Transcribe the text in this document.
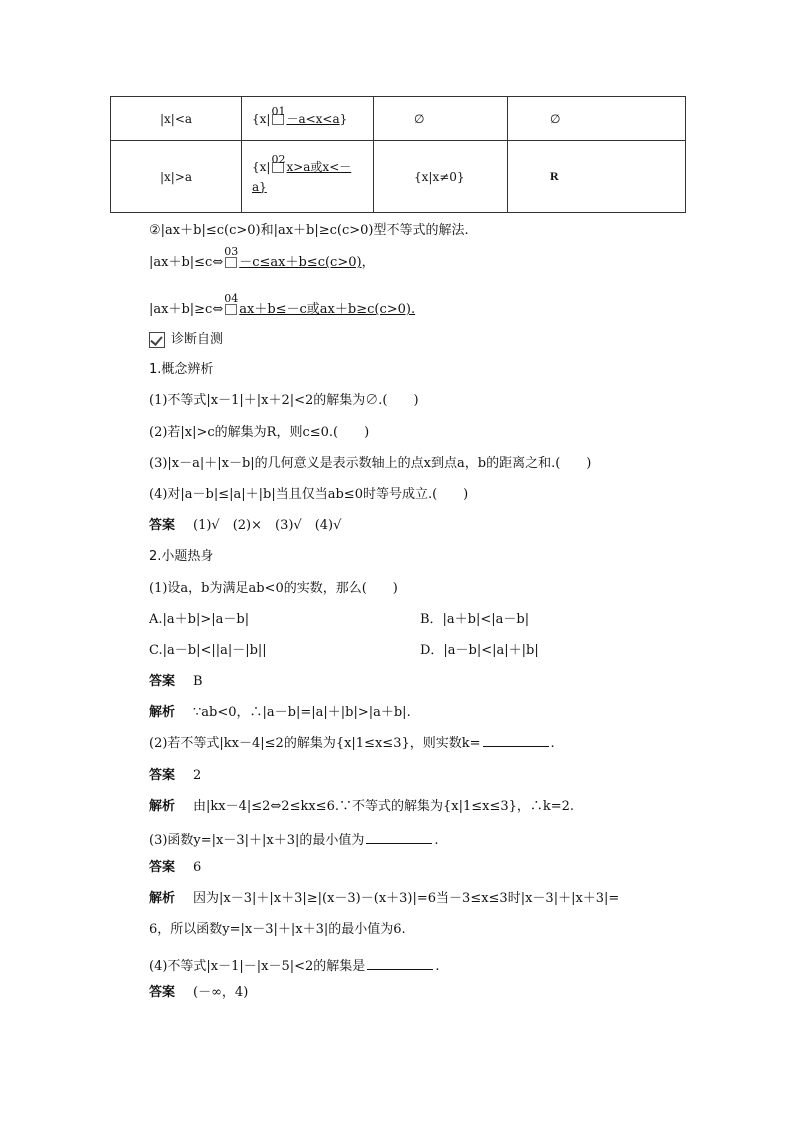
|x|<a	{x|
01
－a<x<a}	∅	∅
|x|>a	{x|
02
x>a或x<－
a}	{x|x≠0}	R
②|ax＋b|≤c(c>0)和|ax＋b|≥c(c>0)型不等式的解法.
|ax＋b|≤c⇔
03
－c≤ax＋b≤c(c>0)，
|ax＋b|≥c⇔
04
ax＋b≤－c或ax＋b≥c(c>0).
诊断自测
1.概念辨析
(1)不等式|x－1|＋|x＋2|<2的解集为∅.(　　)
(2)若|x|>c的解集为R，则c≤0.(　　)
(3)|x－a|＋|x－b|的几何意义是表示数轴上的点x到点a，b的距离之和.(　　)
(4)对|a－b|≤|a|＋|b|当且仅当ab≤0时等号成立.(　　)
答案 (1)√　(2)×　(3)√　(4)√
2.小题热身
(1)设a，b为满足ab<0的实数，那么(　　)
A.|a＋b|>|a－b|	B．|a＋b|<|a－b|
C.|a－b|<||a|－|b||	D．|a－b|<|a|＋|b|
答案 B
解析 ∵ab<0，∴|a－b|=|a|＋|b|>|a＋b|.
(2)若不等式|kx－4|≤2的解集为{x|1≤x≤3}，则实数k=	.
答案 2
解析 由|kx－4|≤2⇔2≤kx≤6.∵不等式的解集为{x|1≤x≤3}，∴k=2.
(3)函数y=|x－3|＋|x＋3|的最小值为	.
答案 6
解析 因为|x－3|＋|x＋3|≥|(x－3)－(x＋3)|=6当－3≤x≤3时|x－3|＋|x＋3|=
6，所以函数y=|x－3|＋|x＋3|的最小值为6.
(4)不等式|x－1|－|x－5|<2的解集是	.
答案 (－∞，4)
